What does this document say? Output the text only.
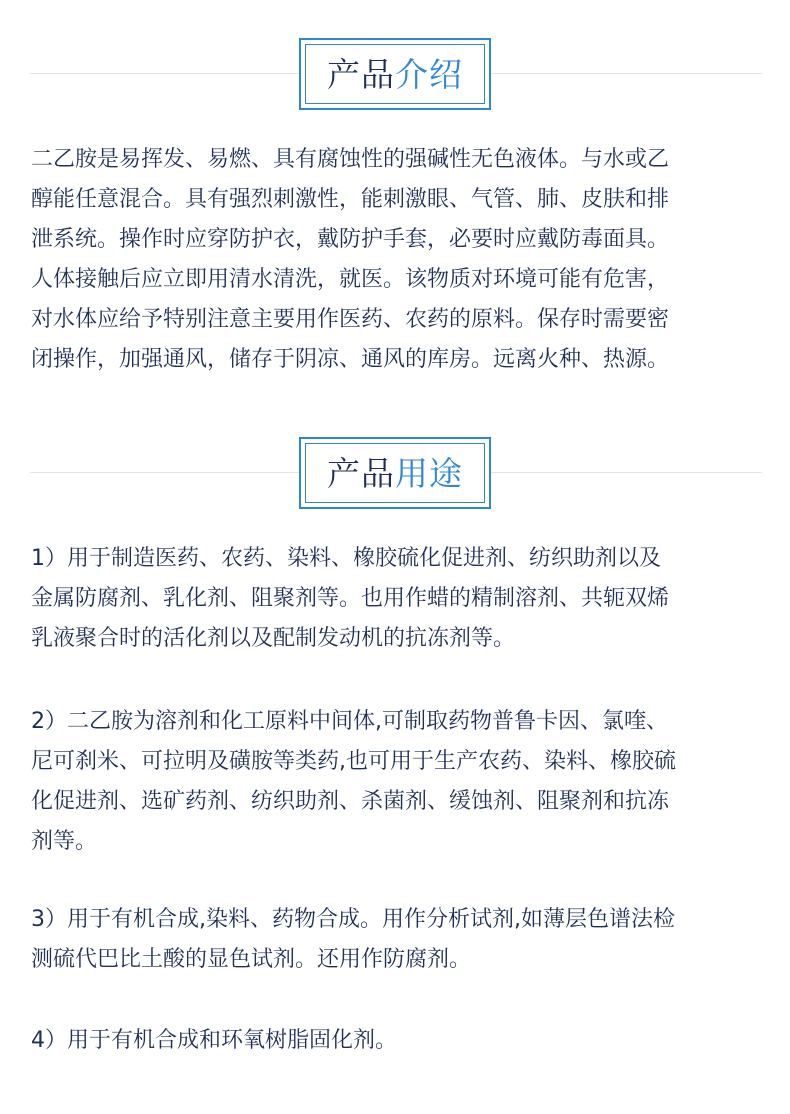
产品 介绍

二乙胺是易挥发、易燃、具有腐蚀性的强碱性无色液体。与水或乙
醇能任意混合。具有强烈刺激性，能刺激眼、气管、肺、皮肤和排
泄系统。操作时应穿防护衣，戴防护手套，必要时应戴防毒面具。
人体接触后应立即用清水清洗，就医。该物质对环境可能有危害，
对水体应给予特别注意主要用作医药、农药的原料。保存时需要密
闭操作，加强通风，储存于阴凉、通风的库房。远离火种、热源。

产品 用途

1）用于制造医药、农药、染料、橡胶硫化促进剂、纺织助剂以及
金属防腐剂、乳化剂、阻聚剂等。也用作蜡的精制溶剂、共轭双烯
乳液聚合时的活化剂以及配制发动机的抗冻剂等。

2）二乙胺为溶剂和化工原料中间体,可制取药物普鲁卡因、氯喹、
尼可刹米、可拉明及磺胺等类药,也可用于生产农药、染料、橡胶硫
化促进剂、选矿药剂、纺织助剂、杀菌剂、缓蚀剂、阻聚剂和抗冻
剂等。

3）用于有机合成,染料、药物合成。用作分析试剂,如薄层色谱法检
测硫代巴比土酸的显色试剂。还用作防腐剂。

4）用于有机合成和环氧树脂固化剂。
